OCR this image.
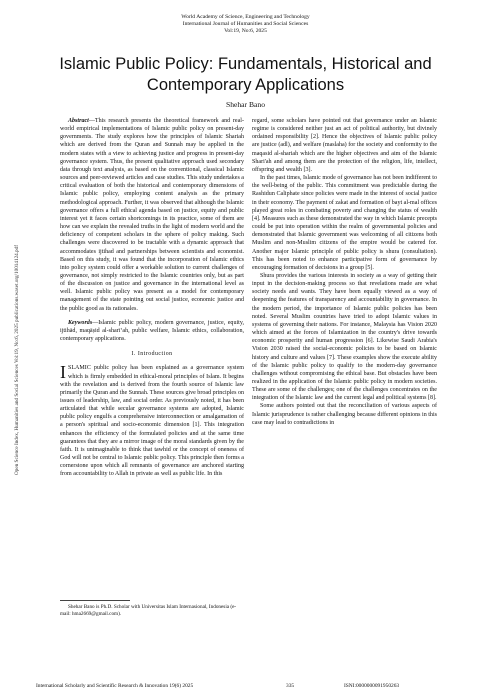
World Academy of Science, Engineering and Technology
International Journal of Humanities and Social Sciences
Vol:19, No:6, 2025
Islamic Public Policy: Fundamentals, Historical and Contemporary Applications
Shehar Bano
Open Science Index, Humanities and Social Sciences Vol:19, No:6, 2025 publications.waset.org/10014124.pdf

Abstract—This research presents the theoretical framework and real-world empirical implementations of Islamic public policy on present-day governments. The study explores how the principles of Islamic Shariah which are derived from the Quran and Sunnah may be applied in the modern states with a view to achieving justice and progress in present-day governance system. Thus, the present qualitative approach used secondary data through text analysis, as based on the conventional, classical Islamic sources and peer-reviewed articles and case studies. This study undertakes a critical evaluation of both the historical and contemporary dimensions of Islamic public policy, employing content analysis as the primary methodological approach. Further, it was observed that although the Islamic governance offers a full ethical agenda based on justice, equity and public interest yet it faces certain shortcomings in its practice, some of them are how can we explain the revealed truths in the light of modern world and the deficiency of competent scholars in the sphere of policy making. Such challenges were discovered to be tractable with a dynamic approach that accommodates ijtihad and partnerships between scientists and economist. Based on this study, it was found that the incorporation of Islamic ethics into policy system could offer a workable solution to current challenges of governance, not simply restricted to the Islamic countries only, but as part of the discussion on justice and governance in the international level as well. Islamic public policy was present as a model for contemporary management of the state pointing out social justice, economic justice and the public good as its rationales.

Keywords—Islamic public policy, modern governance, justice, equity, ijtihād, maqāṣid al-sharī‘ah, public welfare, Islamic ethics, collaboration, contemporary applications.

I. Introduction

ISLAMIC public policy has been explained as a governance system which is firmly embedded in ethical-moral principles of Islam. It begins with the revelation and is derived from the fourth source of Islamic law primarily the Quran and the Sunnah. These sources give broad principles on issues of leadership, law, and social order. As previously noted, it has been articulated that while secular governance systems are adopted, Islamic public policy engulfs a comprehensive interconnection or amalgamation of a person's spiritual and socio-economic dimension [1]. This integration enhances the efficiency of the formulated policies and at the same time guarantees that they are a mirror image of the moral standards given by the faith. It is unimaginable to think that tawhid or the concept of oneness of God will not be central to Islamic public policy. This principle then forms a cornerstone upon which all remnants of governance are anchored starting from accountability to Allah in private as well as public life. In this

Shehar Bano is Ph.D. Scholar with Universitas Islam Internasional, Indonesia (e-mail: hma2669@gmail.com).

regard, some scholars have pointed out that governance under an Islamic regime is considered neither just an act of political authority, but divinely ordained responsibility [2]. Hence the objectives of Islamic public policy are justice (adl), and welfare (maslaha) for the society and conformity to the maqasid al-shariah which are the higher objectives and aim of the Islamic Shari'ah and among them are the protection of the religion, life, intellect, offspring and wealth [3].

In the past times, Islamic mode of governance has not been indifferent to the well-being of the public. This commitment was predictable during the Rashidun Caliphate since policies were made in the interest of social justice in their economy. The payment of zakat and formation of bayt al-mal offices played great roles in combating poverty and changing the status of wealth [4]. Measures such as these demonstrated the way in which Islamic precepts could be put into operation within the realm of governmental policies and demonstrated that Islamic government was welcoming of all citizens both Muslim and non-Muslim citizens of the empire would be catered for. Another major Islamic principle of public policy is shura (consultation). This has been noted to enhance participative form of governance by encouraging formation of decisions in a group [5].

Shura provides the various interests in society as a way of getting their input in the decision-making process so that revelations made are what society needs and wants. They have been equally viewed as a way of deepening the features of transparency and accountability in governance. In the modern period, the importance of Islamic public policies has been noted. Several Muslim countries have tried to adopt Islamic values in systems of governing their nations. For instance, Malaysia has Vision 2020 which aimed at the forces of Islamization in the country's drive towards economic prosperity and human progression [6]. Likewise Saudi Arabia's Vision 2030 raised the social-economic policies to be based on Islamic history and culture and values [7]. These examples show the execute ability of the Islamic public policy to qualify to the modern-day governance challenges without compromising the ethical base. But obstacles have been realized in the application of the Islamic public policy in modern societies. These are some of the challenges; one of the challenges concentrates on the integration of the Islamic law and the current legal and political systems [8].

Some authors pointed out that the reconciliation of various aspects of Islamic jurisprudence is rather challenging because different opinions in this case may lead to contradictions in

International Scholarly and Scientific Research & Innovation 19(6) 2025	335	ISNI:0000000091950263
